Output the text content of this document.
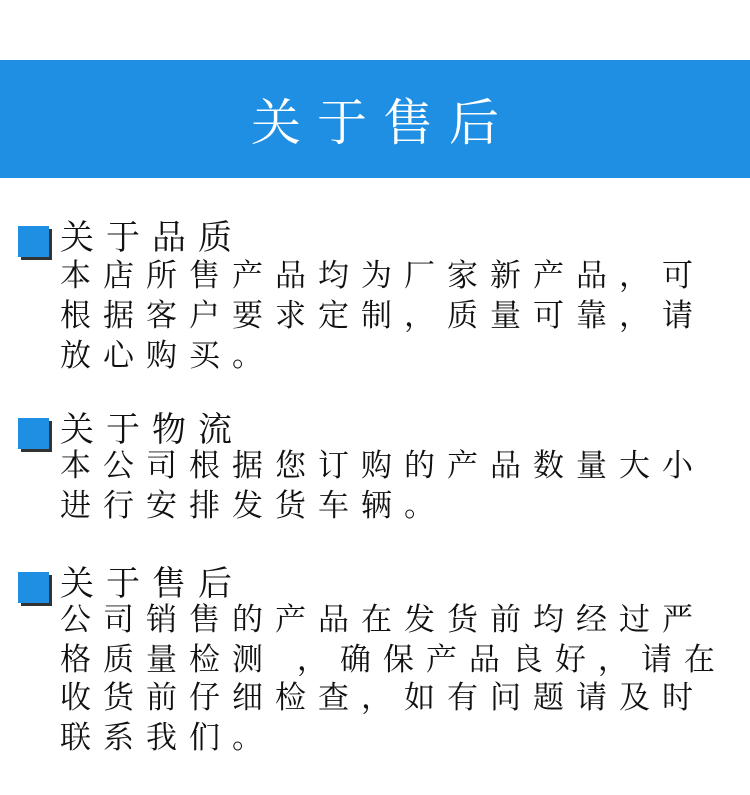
关于售后
关于品质
本店所售产品均为厂家新产品，可
根据客户要求定制，质量可靠，请
放心购买。
关于物流
本公司根据您订购的产品数量大小
进行安排发货车辆。
关于售后
公司销售的产品在发货前均经过严
格质量检测 ，确保产品良好，请在
收货前仔细检查，如有问题请及时
联系我们。
